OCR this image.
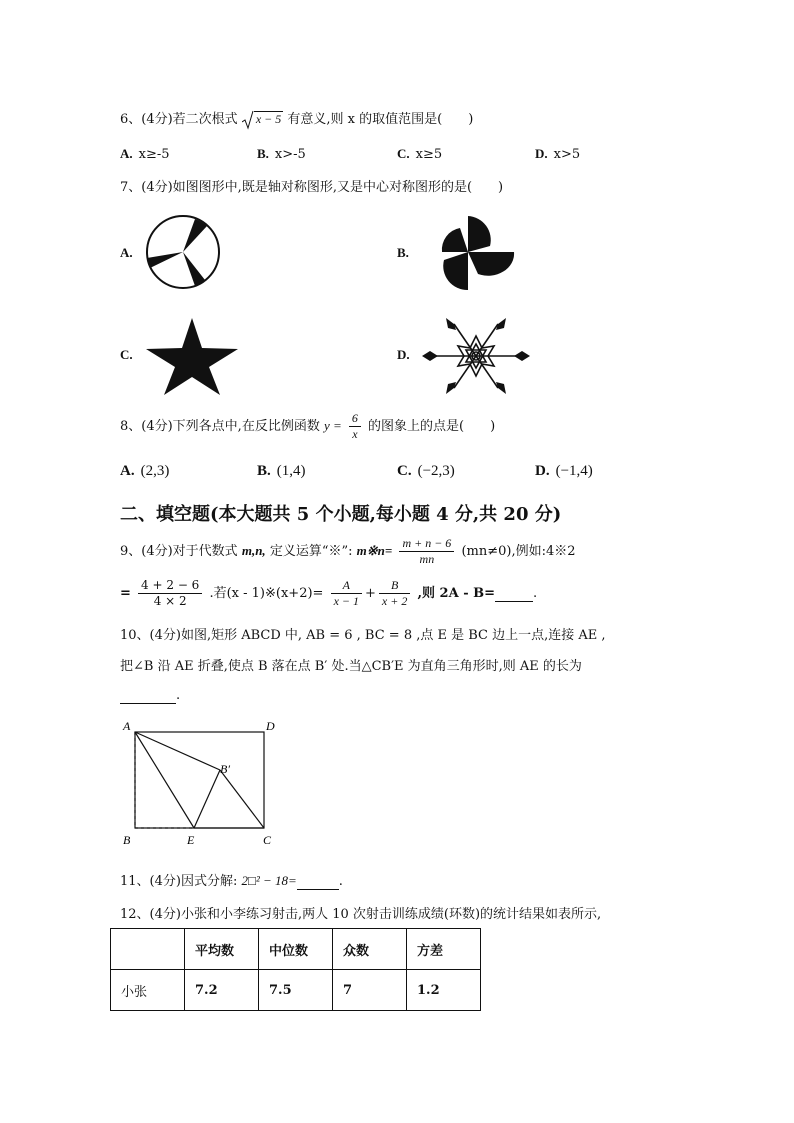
6、(4分)若二次根式 x − 5 有意义,则 x 的取值范围是(　　)
A. x≥-5	B. x>-5	C. x≥5	D. x>5
7、(4分)如图图形中,既是轴对称图形,又是中心对称图形的是(　　)
A.	B.
C.	D.
8、(4分)下列各点中,在反比例函数 $y = \frac{6}{x}$ 的图象上的点是(　　)
A. (2,3)	B. (1,4)	C. (−2,3)	D. (−1,4)
二、填空题(本大题共 5 个小题,每小题 4 分,共 20 分)
9、(4分)对于代数式 m,n, 定义运算“※”: m※n= $\frac{m + n - 6}{mn} (mn\ne 0)$,例如:4※2
= $\frac{4 + 2 - 6}{4 \times 2}$ .若(x - 1)※(x+2)= $\frac{A}{x - 1} + \frac{B}{x + 2}$ ,则 2A - B=	.
10、(4分)如图,矩形 ABCD 中, AB = 6 , BC = 8 ,点 E 是 BC 边上一点,连接 AE ,
把∠B 沿 AE 折叠,使点 B 落在点 B′ 处.当△CB′E 为直角三角形时,则 AE 的长为
.
A	D
B	E	C
B′
11、(4分)因式分解: 2□² − 18=	.
12、(4分)小张和小李练习射击,两人 10 次射击训练成绩(环数)的统计结果如表所示,
	平均数	中位数	众数	方差
小张	7.2	7.5	7	1.2
